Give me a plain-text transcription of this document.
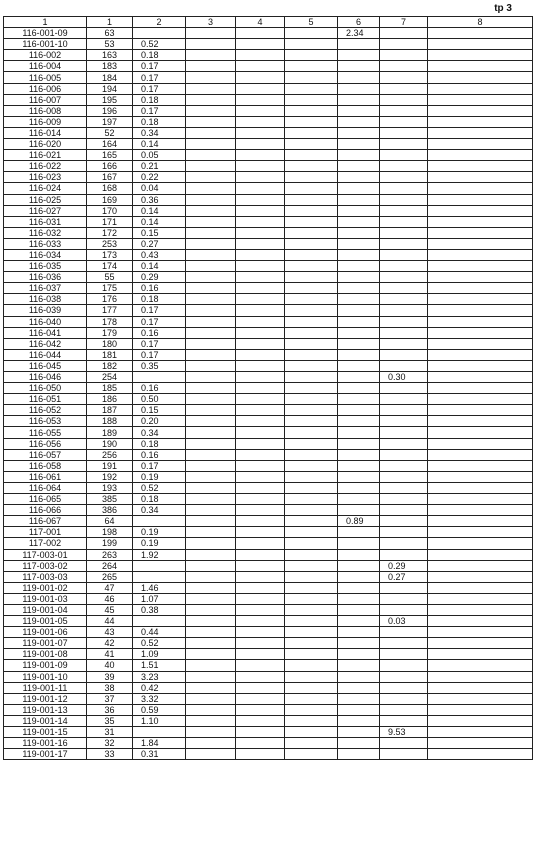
tp 3
1	1	2	3	4	5	6	7	8
116-001-09	63					2.34		
116-001-10	53	0.52						
116-002	163	0.18						
116-004	183	0.17						
116-005	184	0.17						
116-006	194	0.17						
116-007	195	0.18						
116-008	196	0.17						
116-009	197	0.18						
116-014	52	0.34						
116-020	164	0.14						
116-021	165	0.05						
116-022	166	0.21						
116-023	167	0.22						
116-024	168	0.04						
116-025	169	0.36						
116-027	170	0.14						
116-031	171	0.14						
116-032	172	0.15						
116-033	253	0.27						
116-034	173	0.43						
116-035	174	0.14						
116-036	55	0.29						
116-037	175	0.16						
116-038	176	0.18						
116-039	177	0.17						
116-040	178	0.17						
116-041	179	0.16						
116-042	180	0.17						
116-044	181	0.17						
116-045	182	0.35						
116-046	254						0.30	
116-050	185	0.16						
116-051	186	0.50						
116-052	187	0.15						
116-053	188	0.20						
116-055	189	0.34						
116-056	190	0.18						
116-057	256	0.16						
116-058	191	0.17						
116-061	192	0.19						
116-064	193	0.52						
116-065	385	0.18						
116-066	386	0.34						
116-067	64					0.89		
117-001	198	0.19						
117-002	199	0.19						
117-003-01	263	1.92						
117-003-02	264						0.29	
117-003-03	265						0.27	
119-001-02	47	1.46						
119-001-03	46	1.07						
119-001-04	45	0.38						
119-001-05	44						0.03	
119-001-06	43	0.44						
119-001-07	42	0.52						
119-001-08	41	1.09						
119-001-09	40	1.51						
119-001-10	39	3.23						
119-001-11	38	0.42						
119-001-12	37	3.32						
119-001-13	36	0.59						
119-001-14	35	1.10						
119-001-15	31						9.53	
119-001-16	32	1.84						
119-001-17	33	0.31						
